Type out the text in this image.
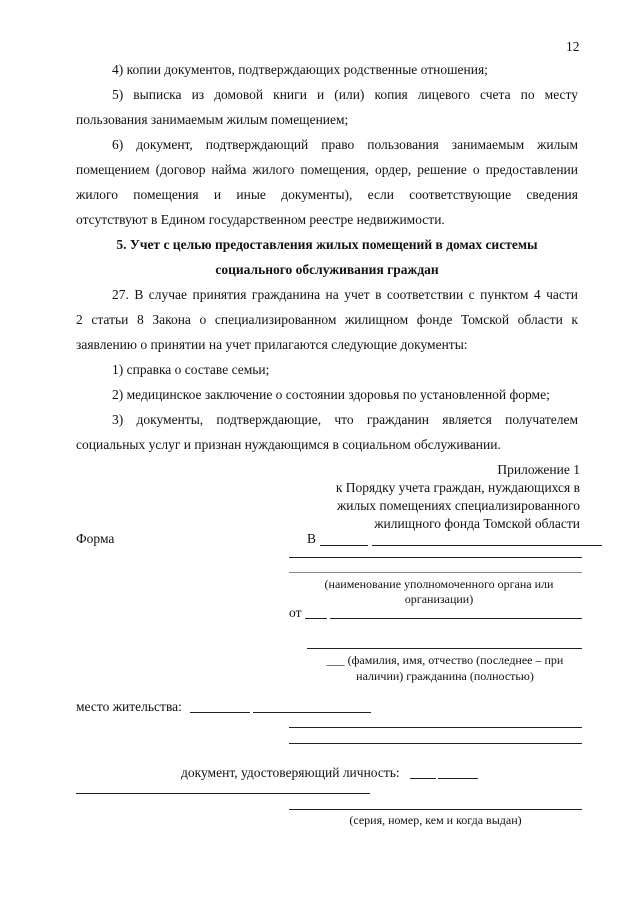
12
4) копии документов, подтверждающих родственные отношения;
5) выписка из домовой книги и (или) копия лицевого счета по месту
пользования занимаемым жилым помещением;
6) документ, подтверждающий право пользования занимаемым жилым
помещением (договор найма жилого помещения, ордер, решение о предоставлении
жилого помещения и иные документы), если соответствующие сведения
отсутствуют в Едином государственном реестре недвижимости.
5. Учет с целью предоставления жилых помещений в домах системы
социального обслуживания граждан
27. В случае принятия гражданина на учет в соответствии с пунктом 4 части
2 статьи 8 Закона о специализированном жилищном фонде Томской области к
заявлению о принятии на учет прилагаются следующие документы:
1) справка о составе семьи;
2) медицинское заключение о состоянии здоровья по установленной форме;
3) документы, подтверждающие, что гражданин является получателем
социальных услуг и признан нуждающимся в социальном обслуживании.
Приложение 1
к Порядку учета граждан, нуждающихся в
жилых помещениях специализированного
жилищного фонда Томской области
Форма	В
(наименование уполномоченного органа или
организации)
от
___ (фамилия, имя, отчество (последнее – при
наличии) гражданина (полностью)
место жительства:
документ, удостоверяющий личность:
(серия, номер, кем и когда выдан)
